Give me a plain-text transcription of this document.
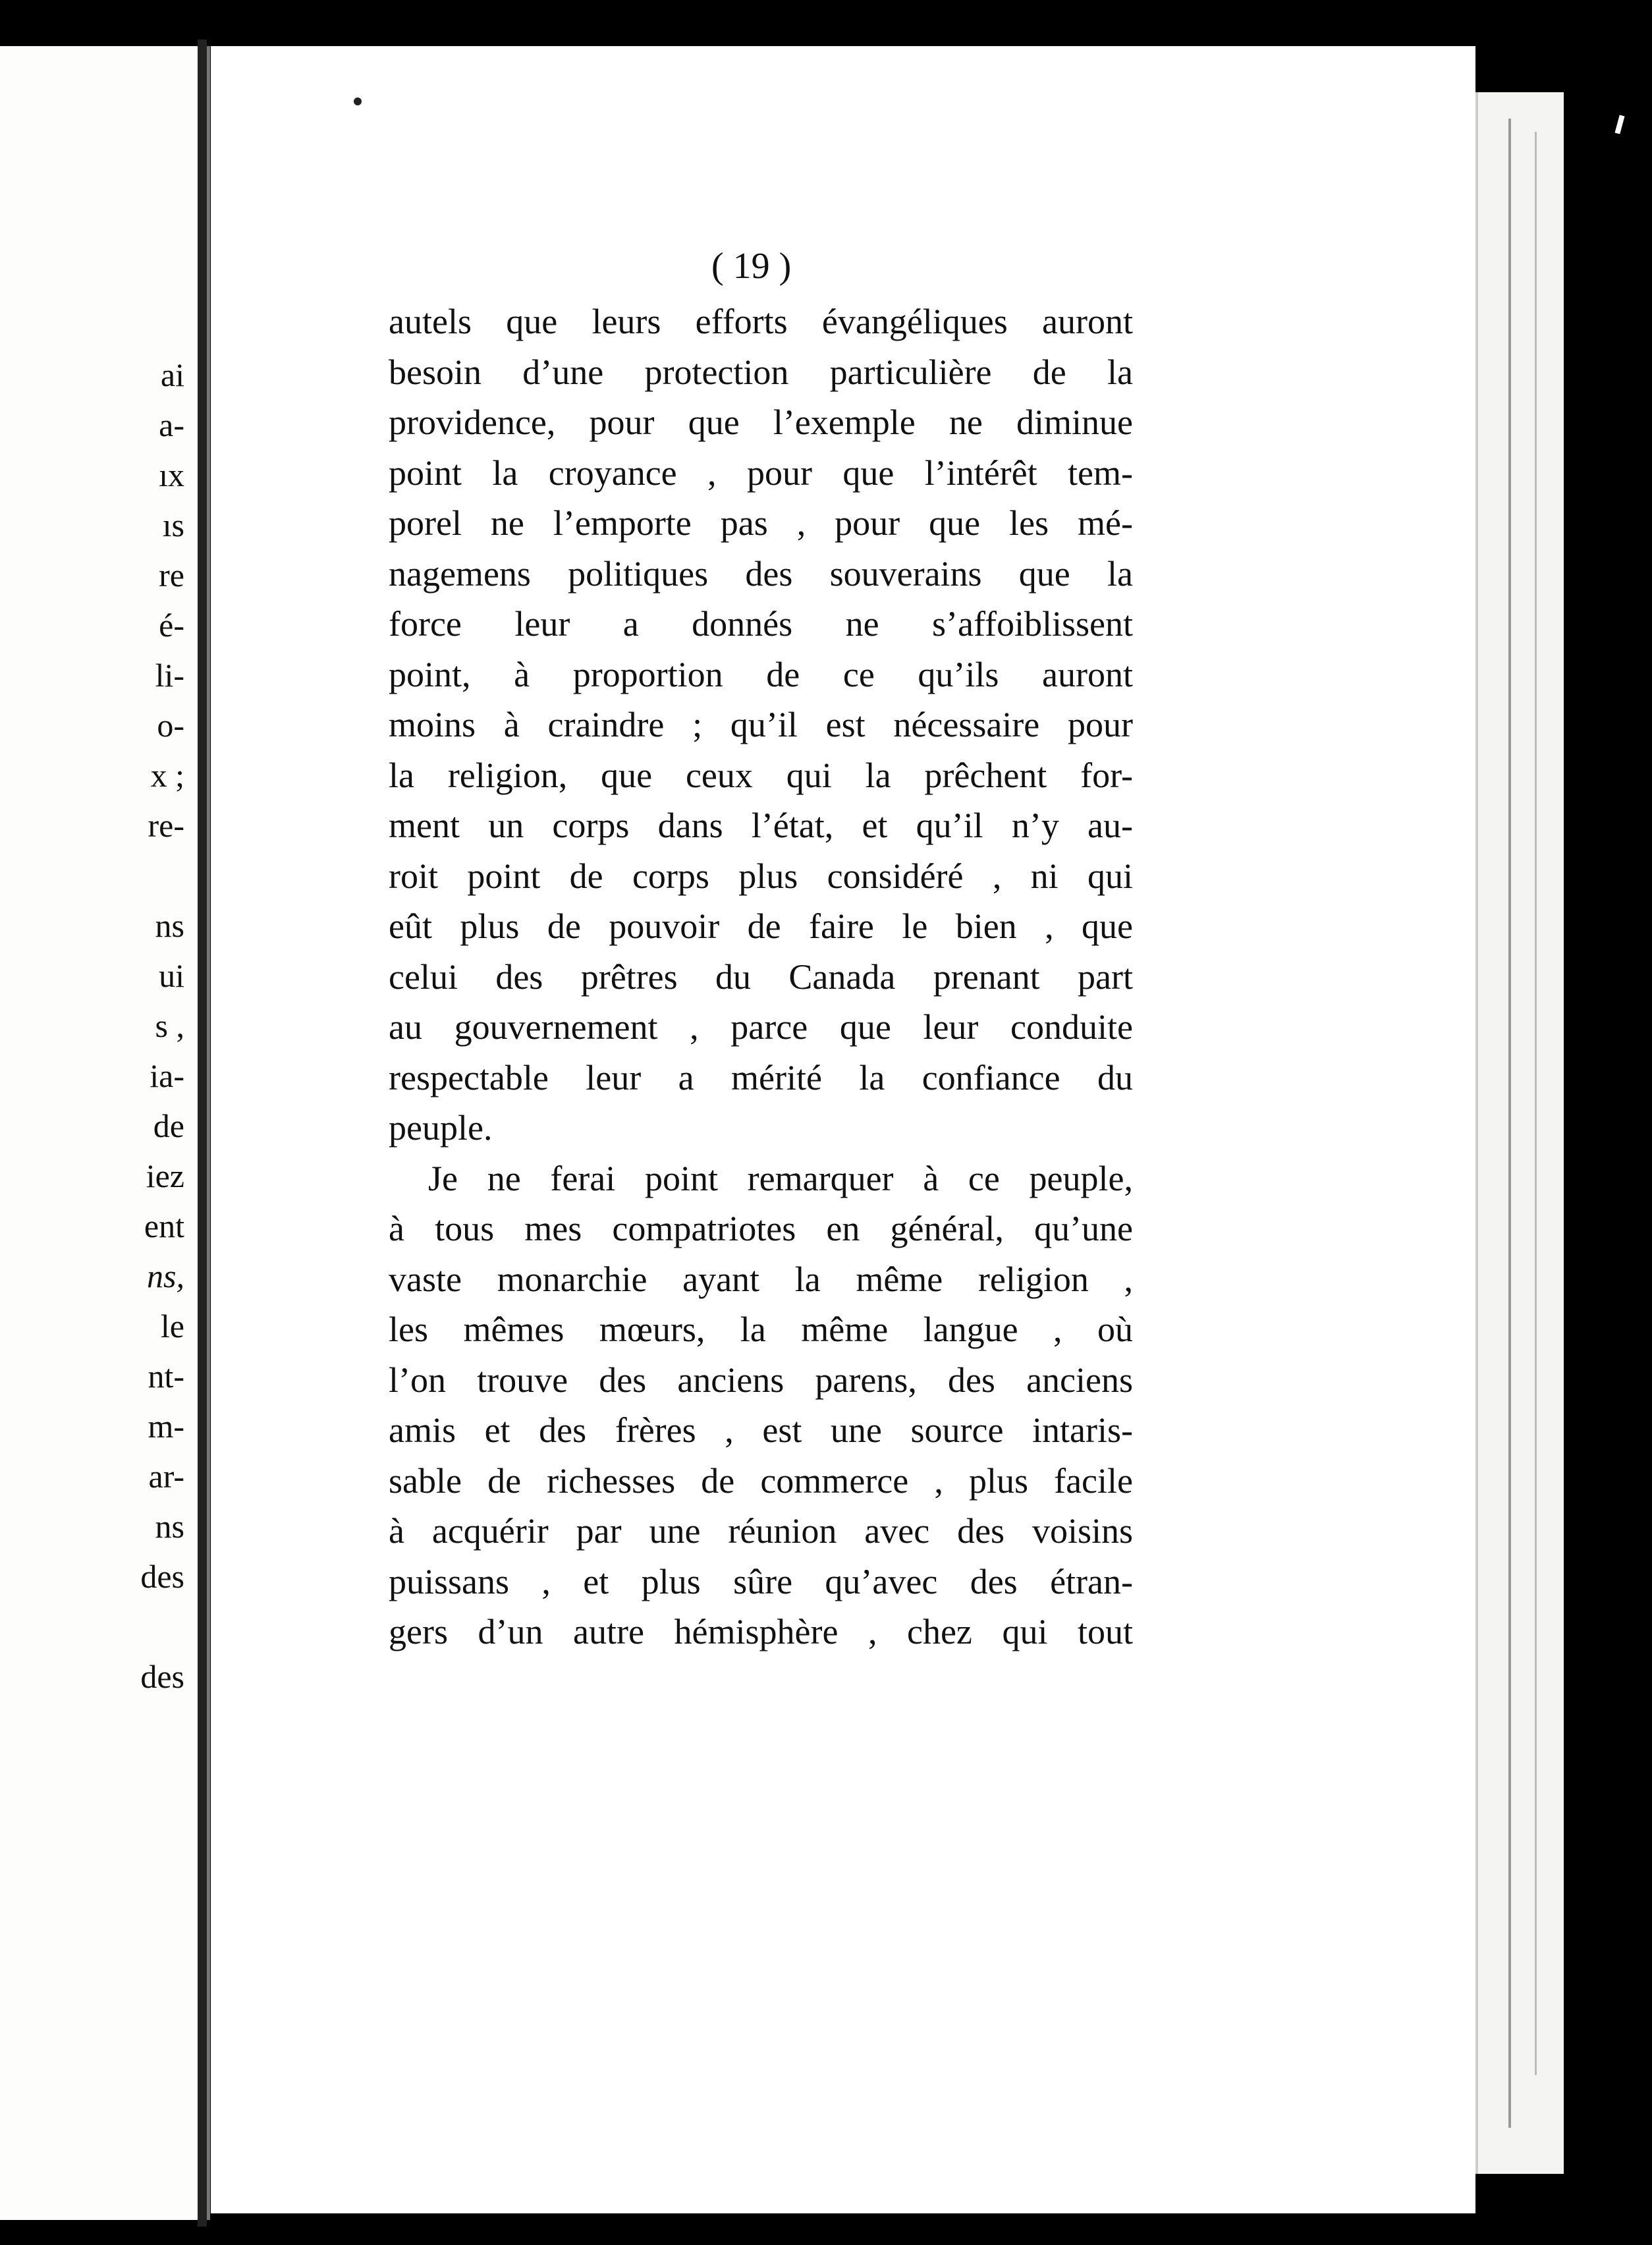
ai
a-
ıx
ıs
re
é-
li-
o-
x ;
re-
ns
ui
s ,
ia-
de
iez
ent
ns,
le
nt-
m-
ar-
ns
des
des
( 19 )
autels que leurs efforts évangéliques auront
besoin d’une protection particulière de la
providence, pour que l’exemple ne diminue
point la croyance , pour que l’intérêt tem-
porel ne l’emporte pas , pour que les mé-
nagemens politiques des souverains que la
force leur a donnés ne s’affoiblissent
point, à proportion de ce qu’ils auront
moins à craindre ; qu’il est nécessaire pour
la religion, que ceux qui la prêchent for-
ment un corps dans l’état, et qu’il n’y au-
roit point de corps plus considéré , ni qui
eût plus de pouvoir de faire le bien , que
celui des prêtres du Canada prenant part
au gouvernement , parce que leur conduite
respectable leur a mérité la confiance du
peuple.
Je ne ferai point remarquer à ce peuple,
à tous mes compatriotes en général, qu’une
vaste monarchie ayant la même religion ,
les mêmes mœurs, la même langue , où
l’on trouve des anciens parens, des anciens
amis et des frères , est une source intaris-
sable de richesses de commerce , plus facile
à acquérir par une réunion avec des voisins
puissans , et plus sûre qu’avec des étran-
gers d’un autre hémisphère , chez qui tout
